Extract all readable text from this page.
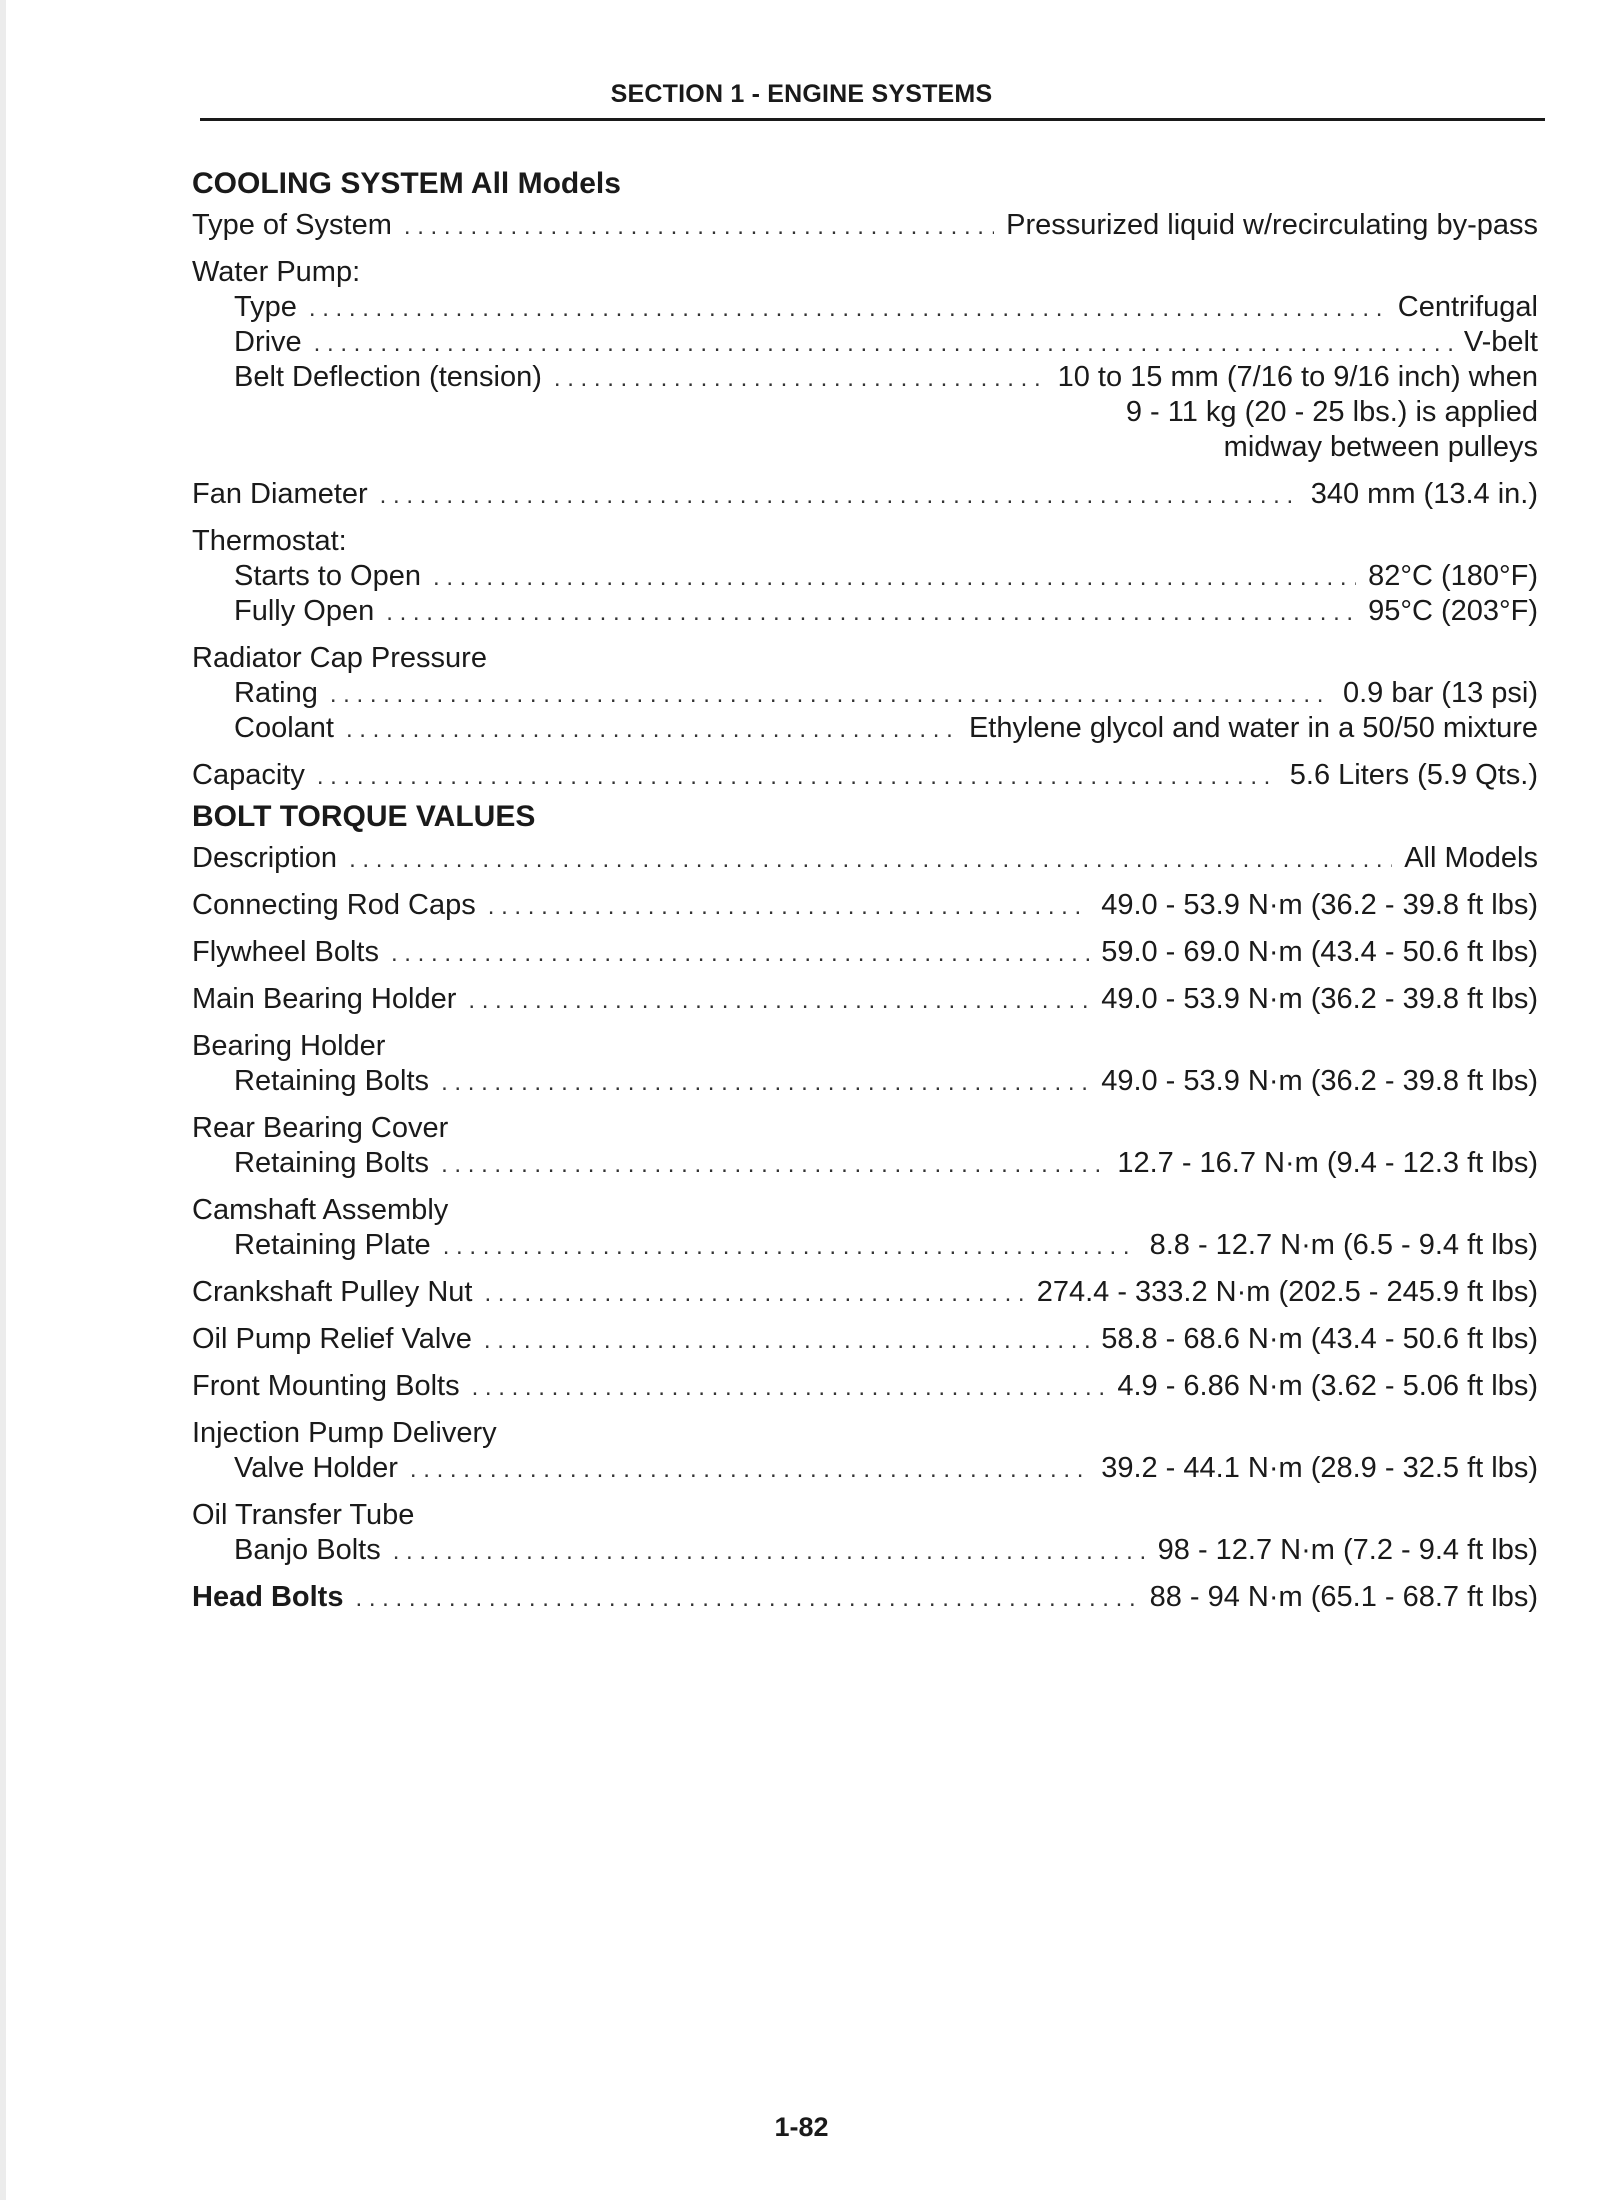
SECTION 1 - ENGINE SYSTEMS
COOLING SYSTEM All Models
Type of System . . .	Pressurized liquid w/recirculating by-pass
Water Pump:
Type . . .	Centrifugal
Drive . . .	V-belt
Belt Deflection (tension) . . .	10 to 15 mm (7/16 to 9/16 inch) when
9 - 11 kg (20 - 25 lbs.) is applied
midway between pulleys
Fan Diameter . . .	340 mm (13.4 in.)
Thermostat:
Starts to Open . . .	82°C (180°F)
Fully Open . . .	95°C (203°F)
Radiator Cap Pressure
Rating . . .	0.9 bar (13 psi)
Coolant . . .	Ethylene glycol and water in a 50/50 mixture
Capacity . . .	5.6 Liters (5.9 Qts.)
BOLT TORQUE VALUES
Description . . .	All Models
Connecting Rod Caps . . .	49.0 - 53.9 N·m (36.2 - 39.8 ft lbs)
Flywheel Bolts . . .	59.0 - 69.0 N·m (43.4 - 50.6 ft lbs)
Main Bearing Holder . . .	49.0 - 53.9 N·m (36.2 - 39.8 ft lbs)
Bearing Holder
Retaining Bolts . . .	49.0 - 53.9 N·m (36.2 - 39.8 ft lbs)
Rear Bearing Cover
Retaining Bolts . . .	12.7 - 16.7 N·m (9.4 - 12.3 ft lbs)
Camshaft Assembly
Retaining Plate . . .	8.8 - 12.7 N·m (6.5 - 9.4 ft lbs)
Crankshaft Pulley Nut . . .	274.4 - 333.2 N·m (202.5 - 245.9 ft lbs)
Oil Pump Relief Valve . . .	58.8 - 68.6 N·m (43.4 - 50.6 ft lbs)
Front Mounting Bolts . . .	4.9 - 6.86 N·m (3.62 - 5.06 ft lbs)
Injection Pump Delivery
Valve Holder . . .	39.2 - 44.1 N·m (28.9 - 32.5 ft lbs)
Oil Transfer Tube
Banjo Bolts . . .	98 - 12.7 N·m (7.2 - 9.4 ft lbs)
Head Bolts . . .	88 - 94 N·m (65.1 - 68.7 ft lbs)
1-82
